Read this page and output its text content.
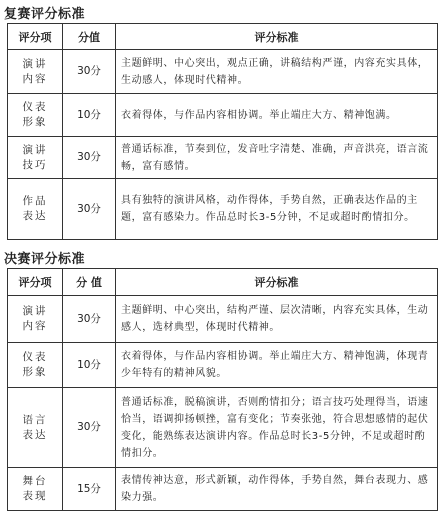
复赛评分标准
评分项	分值	评分标准
演讲内容	30分	主题鲜明、中心突出，观点正确，讲稿结构严谨，内容充实具体，生动感人，体现时代精神。
仪表形象	10分	衣着得体，与作品内容相协调。举止端庄大方、精神饱满。
演讲技巧	30分	普通话标准，节奏到位，发音吐字清楚、准确，声音洪亮，语言流畅，富有感情。
作品表达	30分	具有独特的演讲风格，动作得体，手势自然，正确表达作品的主题，富有感染力。作品总时长3-5分钟，不足或超时酌情扣分。
决赛评分标准
评分项	分 值	评分标准
演讲内容	30分	主题鲜明、中心突出，结构严谨、层次清晰，内容充实具体，生动感人，选材典型，体现时代精神。
仪表形象	10分	衣着得体，与作品内容相协调。举止端庄大方、精神饱满，体现青少年特有的精神风貌。
语言表达	30分	普通话标准，脱稿演讲，否则酌情扣分；语言技巧处理得当，语速恰当，语调抑扬顿挫，富有变化；节奏张弛，符合思想感情的起伏变化，能熟练表达演讲内容。作品总时长3-5分钟，不足或超时酌情扣分。
舞台表现	15分	表情传神达意，形式新颖，动作得体，手势自然，舞台表现力、感染力强。
